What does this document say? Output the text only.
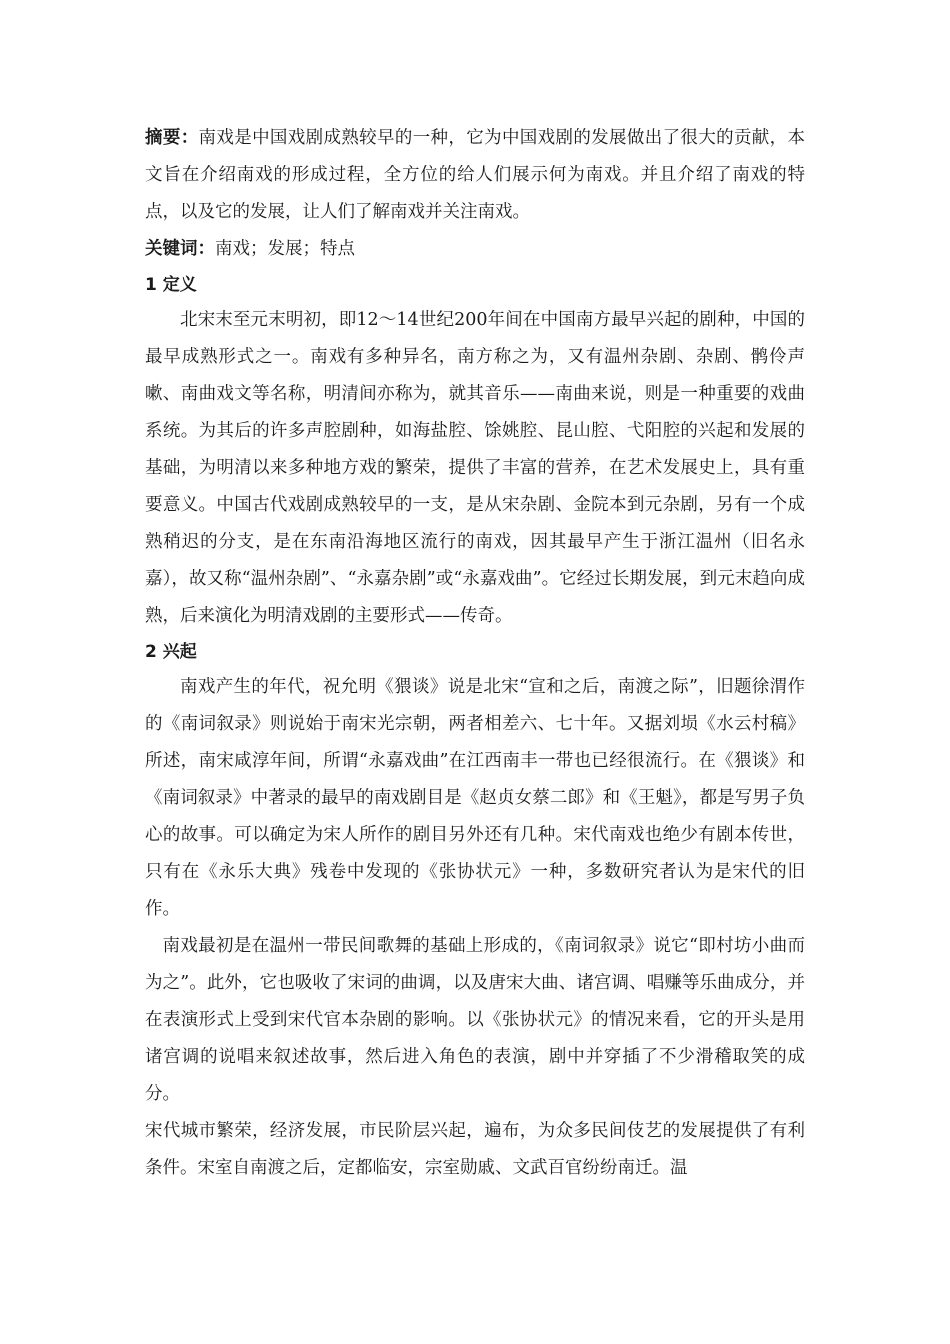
摘要：南戏是中国戏剧成熟较早的一种，它为中国戏剧的发展做出了很大的贡献，本文旨在介绍南戏的形成过程，全方位的给人们展示何为南戏。并且介绍了南戏的特点，以及它的发展，让人们了解南戏并关注南戏。

关键词：南戏；发展；特点

1 定义

北宋末至元末明初，即12～14世纪200年间在中国南方最早兴起的剧种，中国的最早成熟形式之一。南戏有多种异名，南方称之为，又有温州杂剧、杂剧、鹘伶声嗽、南曲戏文等名称，明清间亦称为，就其音乐——南曲来说，则是一种重要的戏曲系统。为其后的许多声腔剧种，如海盐腔、馀姚腔、昆山腔、弋阳腔的兴起和发展的基础，为明清以来多种地方戏的繁荣，提供了丰富的营养，在艺术发展史上，具有重要意义。中国古代戏剧成熟较早的一支，是从宋杂剧、金院本到元杂剧，另有一个成熟稍迟的分支，是在东南沿海地区流行的南戏，因其最早产生于浙江温州（旧名永嘉），故又称“温州杂剧”、“永嘉杂剧”或“永嘉戏曲”。它经过长期发展，到元末趋向成熟，后来演化为明清戏剧的主要形式——传奇。

2 兴起

南戏产生的年代，祝允明《猥谈》说是北宋“宣和之后，南渡之际”，旧题徐渭作的《南词叙录》则说始于南宋光宗朝，两者相差六、七十年。又据刘埙《水云村稿》所述，南宋咸淳年间，所谓“永嘉戏曲”在江西南丰一带也已经很流行。在《猥谈》和《南词叙录》中著录的最早的南戏剧目是《赵贞女蔡二郎》和《王魁》，都是写男子负心的故事。可以确定为宋人所作的剧目另外还有几种。宋代南戏也绝少有剧本传世，只有在《永乐大典》残卷中发现的《张协状元》一种，多数研究者认为是宋代的旧作。

南戏最初是在温州一带民间歌舞的基础上形成的，《南词叙录》说它“即村坊小曲而为之”。此外，它也吸收了宋词的曲调，以及唐宋大曲、诸宫调、唱赚等乐曲成分，并在表演形式上受到宋代官本杂剧的影响。以《张协状元》的情况来看，它的开头是用诸宫调的说唱来叙述故事，然后进入角色的表演，剧中并穿插了不少滑稽取笑的成分。

宋代城市繁荣，经济发展，市民阶层兴起，遍布，为众多民间伎艺的发展提供了有利条件。宋室自南渡之后，定都临安，宗室勋戚、文武百官纷纷南迁。温
